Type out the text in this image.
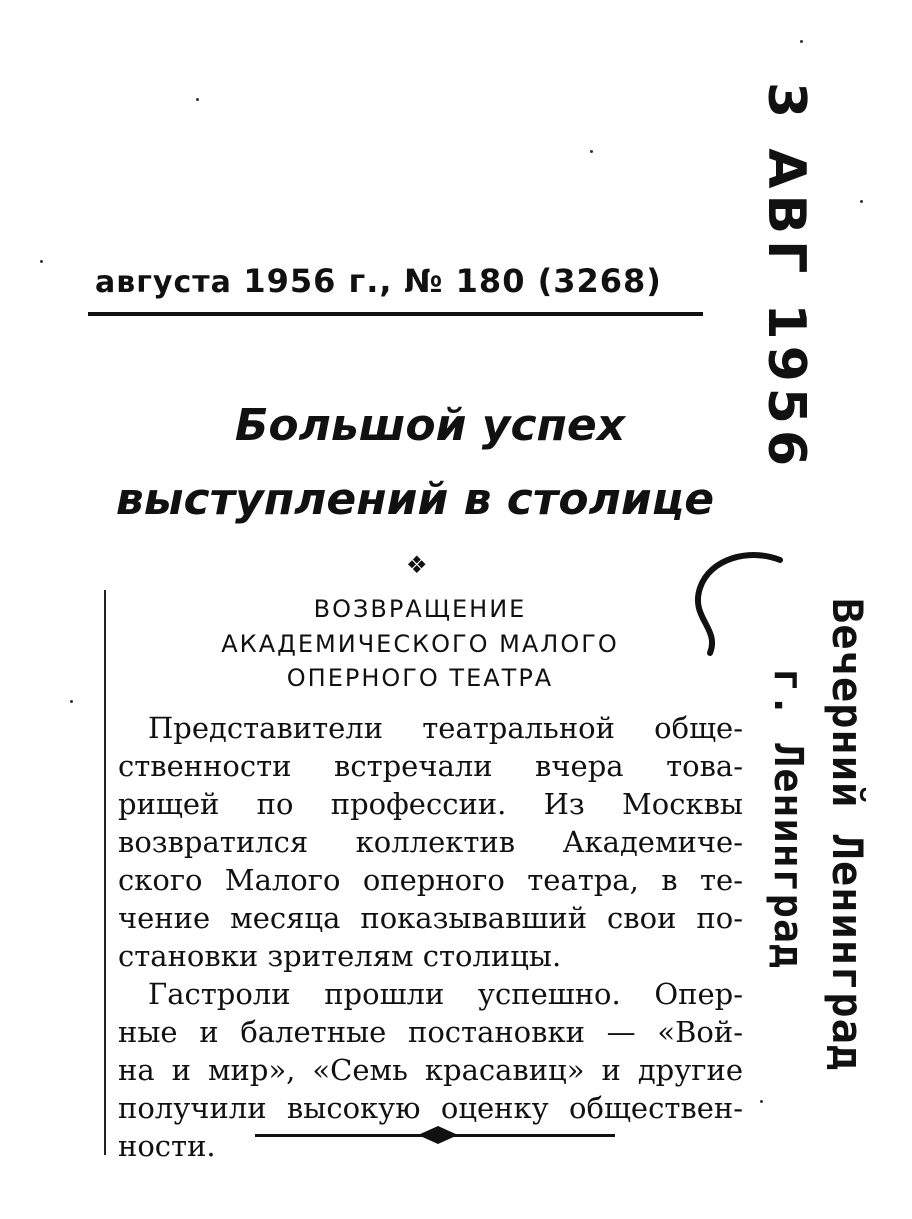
августа 1956 г., № 180 (3268)
Большой успех
выступлений в столице
❖
ВОЗВРАЩЕНИЕ
АКАДЕМИЧЕСКОГО МАЛОГО
ОПЕРНОГО ТЕАТРА
Представители театральной обще-
ственности встречали вчера това-
рищей по профессии. Из Москвы
возвратился коллектив Академиче-
ского Малого оперного театра, в те-
чение месяца показывавший свои по-
становки зрителям столицы.
Гастроли прошли успешно. Опер-
ные и балетные постановки — «Вой-
на и мир», «Семь красавиц» и другие
получили высокую оценку обществен-
ности.
3 АВГ 1956
Вечерний Ленинград
г. Ленинград
